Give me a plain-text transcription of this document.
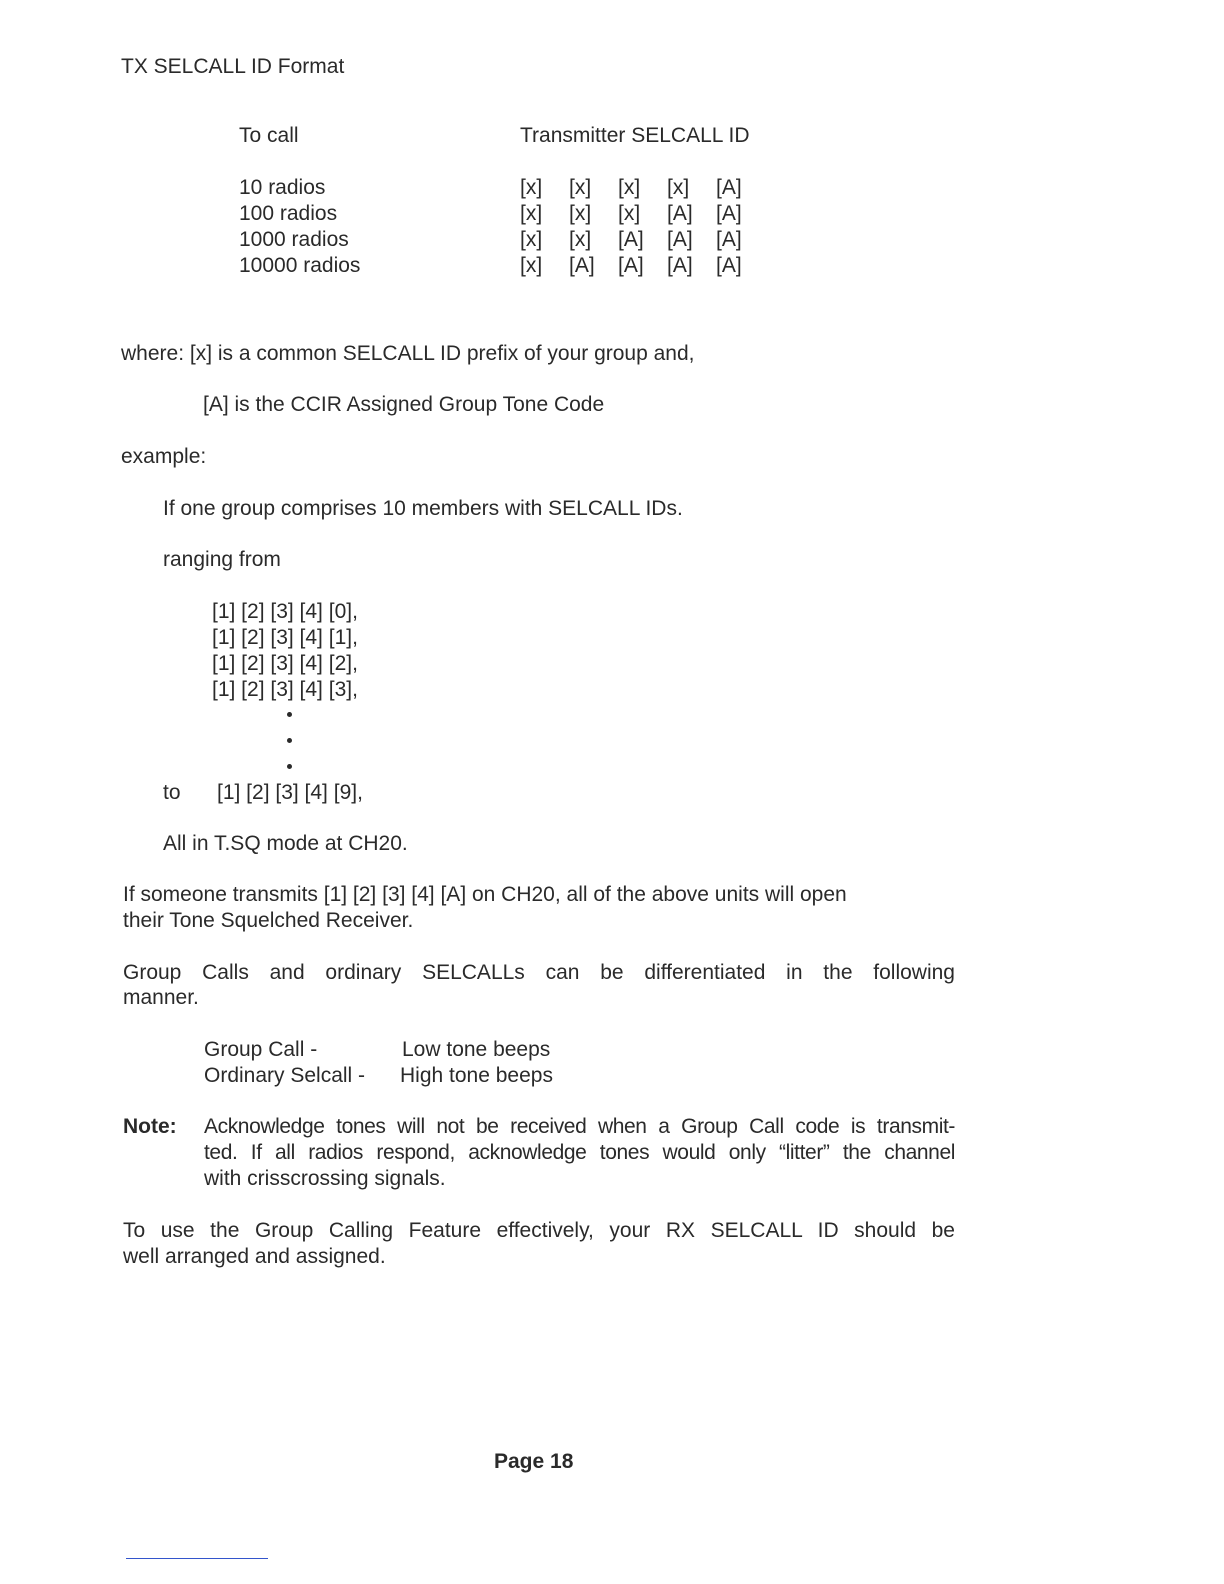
TX SELCALL ID Format
To call	Transmitter SELCALL ID
10 radios	[x] [x] [x] [x] [A]
100 radios	[x] [x] [x] [A] [A]
1000 radios	[x] [x] [A] [A] [A]
10000 radios	[x] [A] [A] [A] [A]
where: [x] is a common SELCALL ID prefix of your group and,
[A] is the CCIR Assigned Group Tone Code
example:
If one group comprises 10 members with SELCALL IDs.
ranging from
[1] [2] [3] [4] [0],
[1] [2] [3] [4] [1],
[1] [2] [3] [4] [2],
[1] [2] [3] [4] [3],
to [1] [2] [3] [4] [9],
All in T.SQ mode at CH20.
If someone transmits [1] [2] [3] [4] [A] on CH20, all of the above units will open
their Tone Squelched Receiver.
Group Calls and ordinary SELCALLs can be differentiated in the following
manner.
Group Call -	Low tone beeps
Ordinary Selcall - High tone beeps
Note: Acknowledge tones will not be received when a Group Call code is transmit-
ted. If all radios respond, acknowledge tones would only “litter” the channel
with crisscrossing signals.
To use the Group Calling Feature effectively, your RX SELCALL ID should be
well arranged and assigned.
Page 18
